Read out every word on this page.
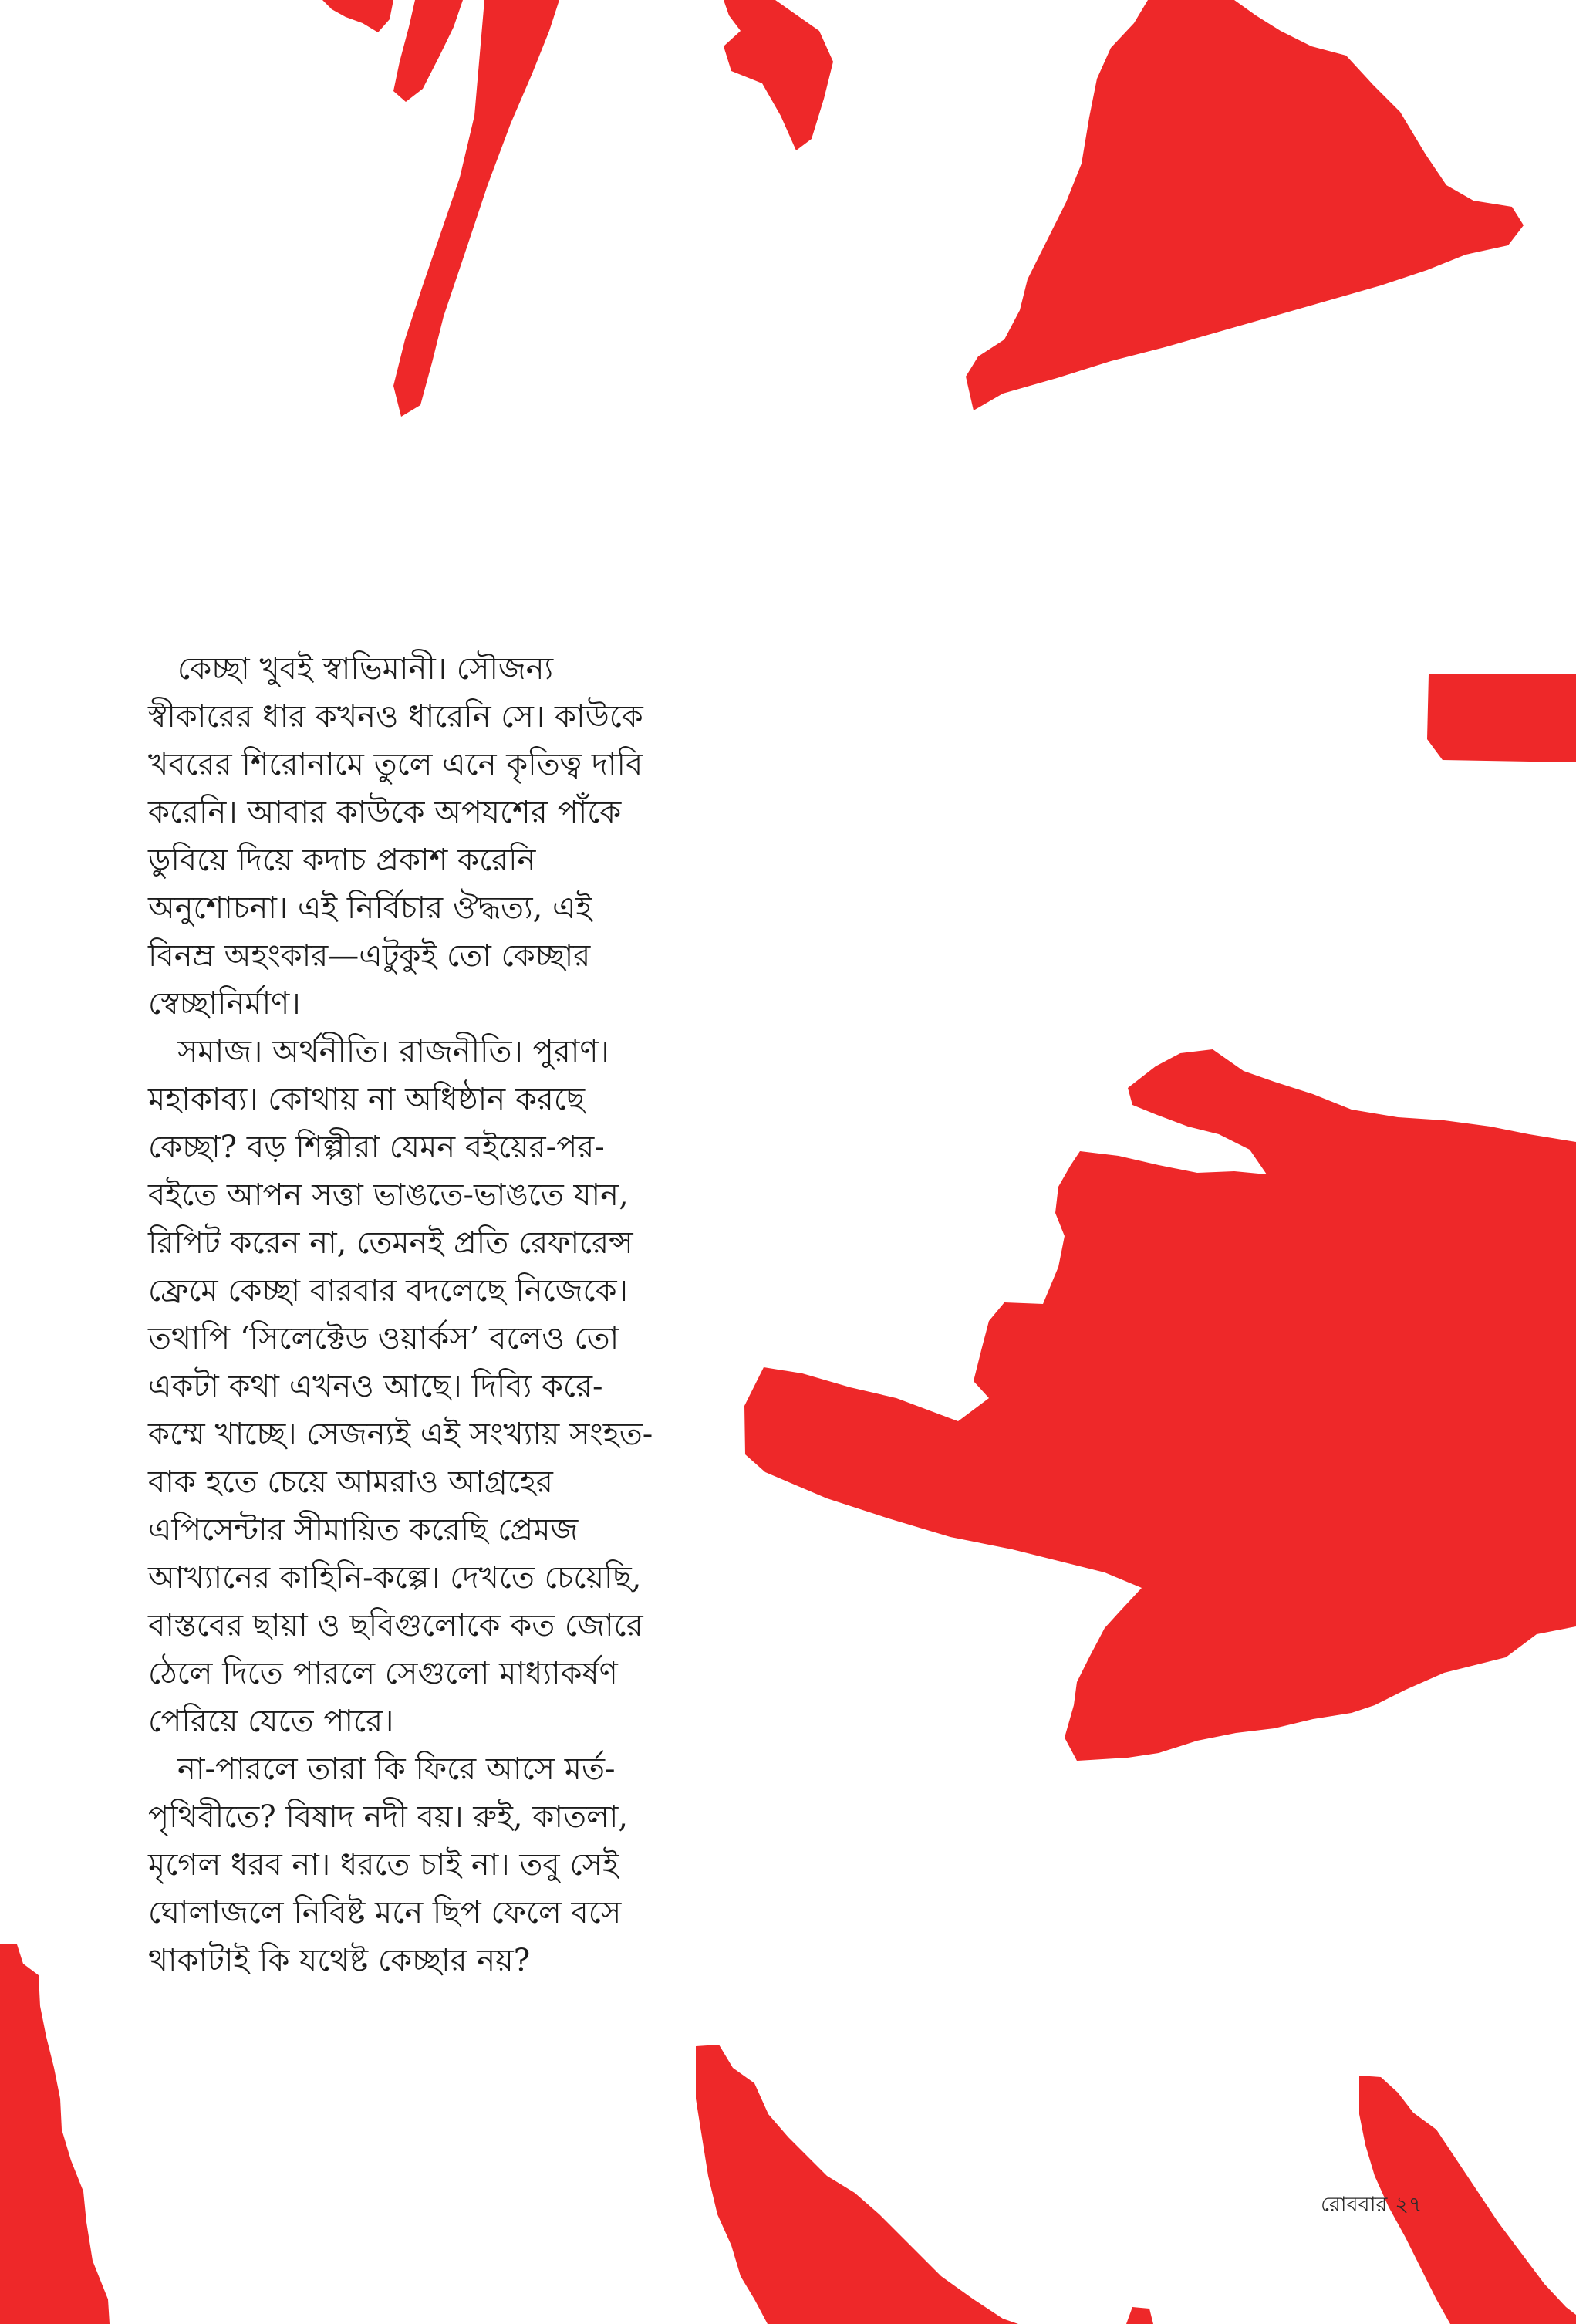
কেচ্ছা খুবই স্বাভিমানী। সৌজন্য স্বীকারের ধার কখনও ধারেনি সে। কাউকে খবরের শিরোনামে তুলে এনে কৃতিত্ব দাবি করেনি। আবার কাউকে অপযশের পাঁকে ডুবিয়ে দিয়ে কদাচ প্রকাশ করেনি অনুশোচনা। এই নির্বিচার ঔদ্ধত্য, এই বিনম্র অহংকার—এটুকুই তো কেচ্ছার স্বেচ্ছানির্মাণ।

সমাজ। অর্থনীতি। রাজনীতি। পুরাণ। মহাকাব্য। কোথায় না অধিষ্ঠান করছে কেচ্ছা? বড় শিল্পীরা যেমন বইয়ের-পর-বইতে আপন সত্তা ভাঙতে-ভাঙতে যান, রিপিট করেন না, তেমনই প্রতি রেফারেন্স ফ্রেমে কেচ্ছা বারবার বদলেছে নিজেকে। তথাপি ‘সিলেক্টেড ওয়ার্কস’ বলেও তো একটা কথা এখনও আছে। দিব্যি করে-কম্মে খাচ্ছে। সেজন্যই এই সংখ্যায় সংহত-বাক হতে চেয়ে আমরাও আগ্রহের এপিসেন্টার সীমায়িত করেছি প্রেমজ আখ্যানের কাহিনি-কল্পে। দেখতে চেয়েছি, বাস্তবের ছায়া ও ছবিগুলোকে কত জোরে ঠেলে দিতে পারলে সেগুলো মাধ্যাকর্ষণ পেরিয়ে যেতে পারে।

না-পারলে তারা কি ফিরে আসে মর্ত-পৃথিবীতে? বিষাদ নদী বয়। রুই, কাতলা, মৃগেল ধরব না। ধরতে চাই না। তবু সেই ঘোলাজলে নিবিষ্ট মনে ছিপ ফেলে বসে থাকাটাই কি যথেষ্ট কেচ্ছার নয়?

রোববার ২৭
